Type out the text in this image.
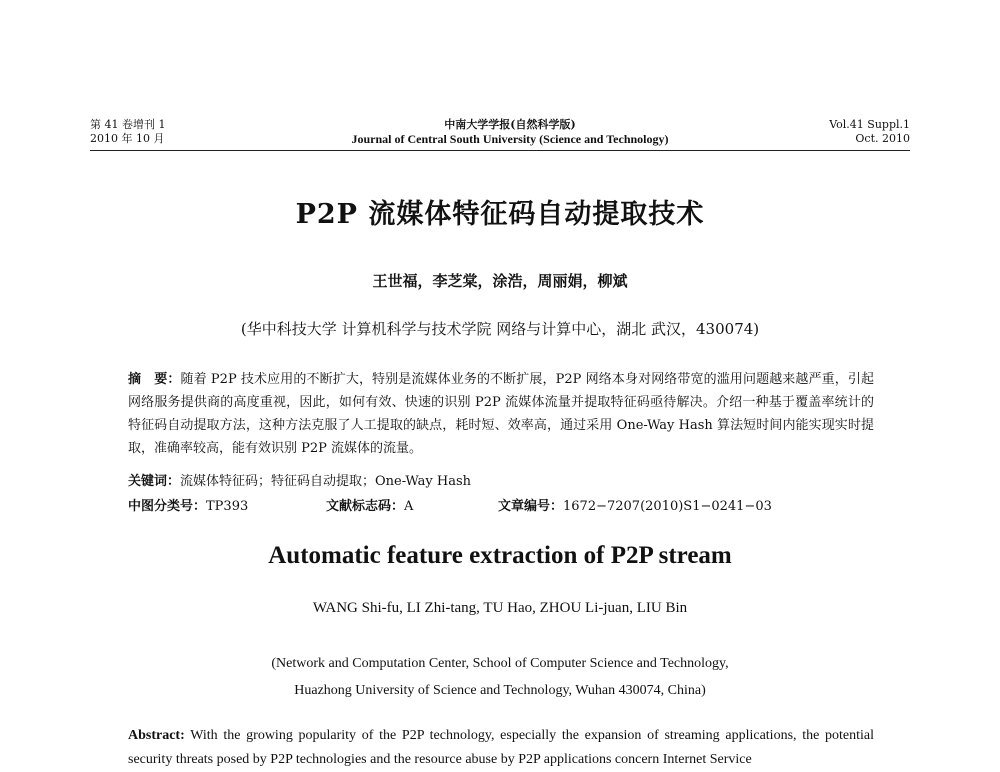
第 41 卷增刊 1
2010 年 10 月
中南大学学报(自然科学版)
Journal of Central South University (Science and Technology)
Vol.41 Suppl.1
Oct. 2010
P2P 流媒体特征码自动提取技术
王世福，李芝棠，涂浩，周丽娟，柳斌
(华中科技大学 计算机科学与技术学院 网络与计算中心，湖北 武汉，430074)
摘　要：随着 P2P 技术应用的不断扩大，特别是流媒体业务的不断扩展，P2P 网络本身对网络带宽的滥用问题越来越严重，引起网络服务提供商的高度重视，因此，如何有效、快速的识别 P2P 流媒体流量并提取特征码亟待解决。介绍一种基于覆盖率统计的特征码自动提取方法，这种方法克服了人工提取的缺点，耗时短、效率高，通过采用 One-Way Hash 算法短时间内能实现实时提取，准确率较高，能有效识别 P2P 流媒体的流量。
关键词：流媒体特征码；特征码自动提取；One-Way Hash
中图分类号：TP393	文献标志码：A	文章编号：1672−7207(2010)S1−0241−03
Automatic feature extraction of P2P stream
WANG Shi-fu, LI Zhi-tang, TU Hao, ZHOU Li-juan, LIU Bin
(Network and Computation Center, School of Computer Science and Technology,
Huazhong University of Science and Technology, Wuhan 430074, China)
Abstract: With the growing popularity of the P2P technology, especially the expansion of streaming applications, the potential security threats posed by P2P technologies and the resource abuse by P2P applications concern Internet Service
